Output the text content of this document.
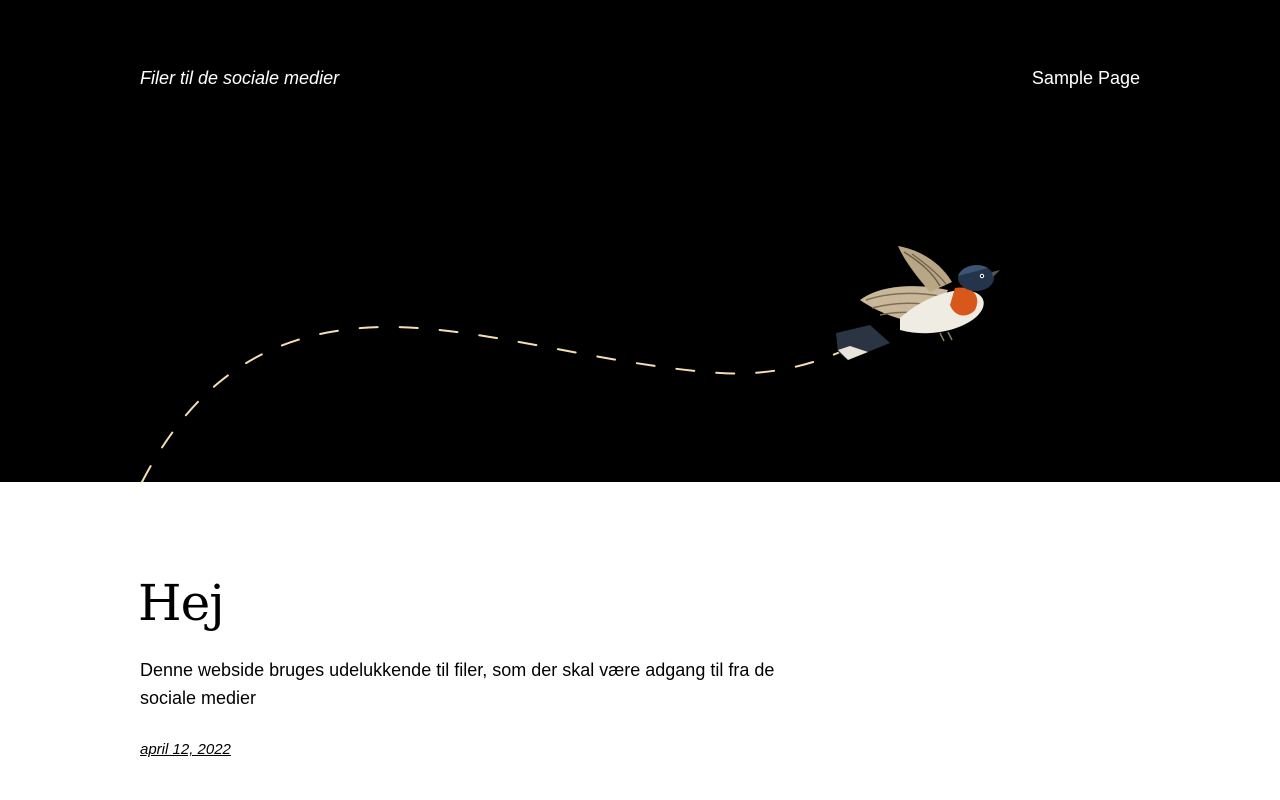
Filer til de sociale medier	Sample Page
Hej

Denne webside bruges udelukkende til filer, som der skal være adgang til fra de sociale medier

april 12, 2022
